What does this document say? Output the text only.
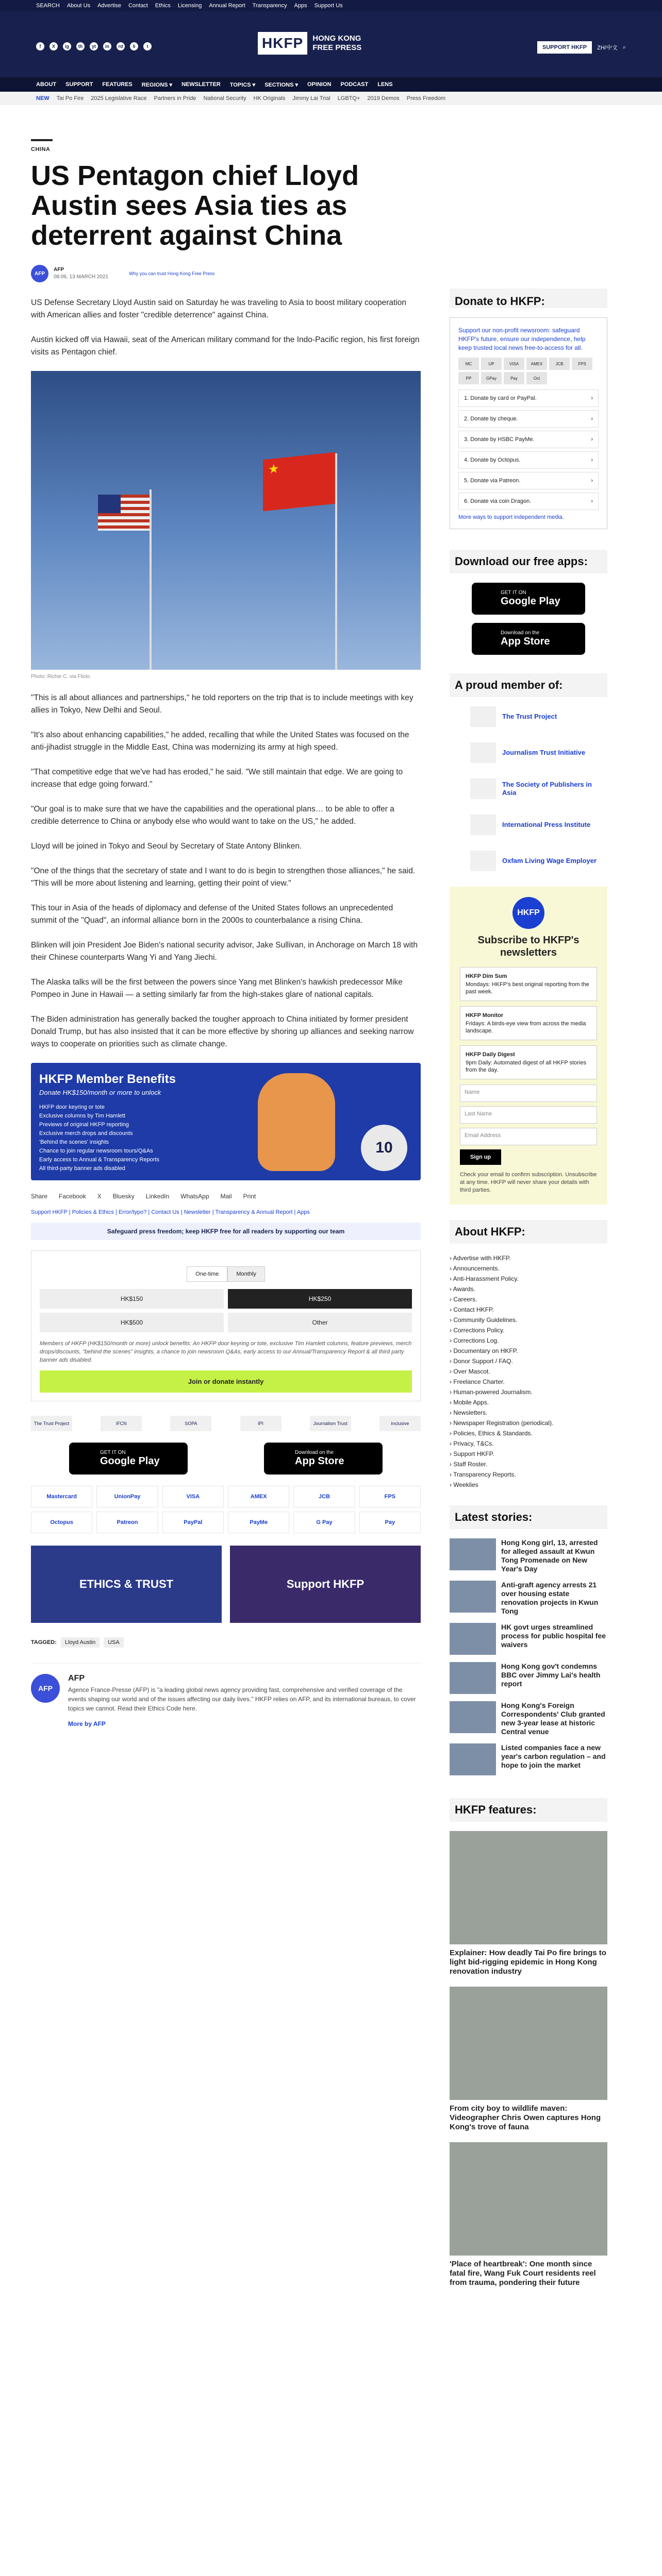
SEARCH About Us Advertise Contact Ethics Licensing Annual Report Transparency Apps Support Us
f	X	ig	th	yt	in	rd	li	t	HKFP	HONG KONG
FREE PRESS	SUPPORT HKFP	ZH/中文 ⌕
ABOUT SUPPORT FEATURES REGIONS ▾ NEWSLETTER TOPICS ▾ SECTIONS ▾ OPINION PODCAST LENS
NEW Tai Po Fire 2025 Legislative Race Partners in Pride National Security HK Originals Jimmy Lai Trial LGBTQ+ 2019 Demos Press Freedom
CHINA
US Pentagon chief Lloyd Austin sees Asia ties as deterrent against China
AFP
AFP
08:06, 13 MARCH 2021
Why you can trust Hong Kong Free Press

US Defense Secretary Lloyd Austin said on Saturday he was traveling to Asia to boost military cooperation with American allies and foster "credible deterrence" against China.

Austin kicked off via Hawaii, seat of the American military command for the Indo-Pacific region, his first foreign visits as Pentagon chief.

★
Photo: Richie C. via Flickr.

"This is all about alliances and partnerships," he told reporters on the trip that is to include meetings with key allies in Tokyo, New Delhi and Seoul.

"It's also about enhancing capabilities," he added, recalling that while the United States was focused on the anti-jihadist struggle in the Middle East, China was modernizing its army at high speed.

"That competitive edge that we've had has eroded," he said. "We still maintain that edge. We are going to increase that edge going forward."

"Our goal is to make sure that we have the capabilities and the operational plans… to be able to offer a credible deterrence to China or anybody else who would want to take on the US," he added.

Lloyd will be joined in Tokyo and Seoul by Secretary of State Antony Blinken.

"One of the things that the secretary of state and I want to do is begin to strengthen those alliances," he said. "This will be more about listening and learning, getting their point of view."

This tour in Asia of the heads of diplomacy and defense of the United States follows an unprecedented summit of the "Quad", an informal alliance born in the 2000s to counterbalance a rising China.

Blinken will join President Joe Biden's national security advisor, Jake Sullivan, in Anchorage on March 18 with their Chinese counterparts Wang Yi and Yang Jiechi.

The Alaska talks will be the first between the powers since Yang met Blinken's hawkish predecessor Mike Pompeo in June in Hawaii — a setting similarly far from the high-stakes glare of national capitals.

The Biden administration has generally backed the tougher approach to China initiated by former president Donald Trump, but has also insisted that it can be more effective by shoring up alliances and seeking narrow ways to cooperate on priorities such as climate change.

HKFP Member Benefits
Donate HK$150/month or more to unlock
HKFP door keyring or tote
Exclusive columns by Tim Hamlett
Previews of original HKFP reporting
Exclusive merch drops and discounts
'Behind the scenes' insights
Chance to join regular newsroom tours/Q&As
Early access to Annual & Transparency Reports
All third-party banner ads disabled
10
Share Facebook X Bluesky LinkedIn WhatsApp Mail Print
Support HKFP | Policies & Ethics | Error/typo? | Contact Us | Newsletter | Transparency & Annual Report | Apps
Safeguard press freedom; keep HKFP free for all readers by supporting our team
One-time	Monthly
HK$150	HK$250
HK$500	Other
Members of HKFP (HK$150/month or more) unlock benefits: An HKFP door keyring or tote, exclusive Tim Hamlett columns, feature previews, merch drops/discounts, "behind the scenes" insights, a chance to join newsroom Q&As, early access to our Annual/Transparency Report & all third party banner ads disabled.
Join or donate instantly
The Trust Project	IFCN	SOPA	IPI	Journalism Trust	Inclusive
GET IT ON
Google Play
Download on the
App Store
Mastercard	UnionPay	VISA	AMEX	JCB	FPS
Octopus	Patreon	PayPal	PayMe	G Pay	Pay
ETHICS & TRUST	Support HKFP
TAGGED:	Lloyd Austin	USA
AFP
AFP
Agence France-Presse (AFP) is "a leading global news agency providing fast, comprehensive and verified coverage of the events shaping our world and of the issues affecting our daily lives." HKFP relies on AFP, and its international bureaus, to cover topics we cannot. Read their Ethics Code here.
More by AFP
Donate to HKFP:
Support our non-profit newsroom: safeguard HKFP's future, ensure our independence, help keep trusted local news free-to-access for all.
MC	UP	VISA	AMEX	JCB	FPS
PP	GPay	Pay	Oct
1. Donate by card or PayPal.	›
2. Donate by cheque.	›
3. Donate by HSBC PayMe.	›
4. Donate by Octopus.	›
5. Donate via Patreon.	›
6. Donate via coin Dragon.	›
More ways to support independent media.
Download our free apps:
GET IT ON
Google Play
Download on the
App Store
A proud member of:
The Trust Project
Journalism Trust Initiative
The Society of Publishers in Asia
International Press Institute
Oxfam Living Wage Employer
HKFP
Subscribe to HKFP's newsletters
HKFP Dim Sum
Mondays: HKFP's best original reporting from the past week.
HKFP Monitor
Fridays: A birds-eye view from across the media landscape.
HKFP Daily Digest
9pm Daily: Automated digest of all HKFP stories from the day.
Name
Last Name
Email Address
Sign up
Check your email to confirm subscription. Unsubscribe at any time. HKFP will never share your details with third parties.
About HKFP:
› Advertise with HKFP.
› Announcements.
› Anti-Harassment Policy.
› Awards.
› Careers.
› Contact HKFP.
› Community Guidelines.
› Corrections Policy.
› Corrections Log.
› Documentary on HKFP.
› Donor Support / FAQ.
› Over Mascot.
› Freelance Charter.
› Human-powered Journalism.
› Mobile Apps.
› Newsletters.
› Newspaper Registration (periodical).
› Policies, Ethics & Standards.
› Privacy, T&Cs.
› Support HKFP.
› Staff Roster.
› Transparency Reports.
› Weeklies
Latest stories:
Hong Kong girl, 13, arrested for alleged assault at Kwun Tong Promenade on New Year's Day
Anti-graft agency arrests 21 over housing estate renovation projects in Kwun Tong
HK govt urges streamlined process for public hospital fee waivers
Hong Kong gov't condemns BBC over Jimmy Lai's health report
Hong Kong's Foreign Correspondents' Club granted new 3-year lease at historic Central venue
Listed companies face a new year's carbon regulation – and hope to join the market
HKFP features:
Explainer: How deadly Tai Po fire brings to light bid-rigging epidemic in Hong Kong renovation industry
From city boy to wildlife maven: Videographer Chris Owen captures Hong Kong's trove of fauna
'Place of heartbreak': One month since fatal fire, Wang Fuk Court residents reel from trauma, pondering their future
